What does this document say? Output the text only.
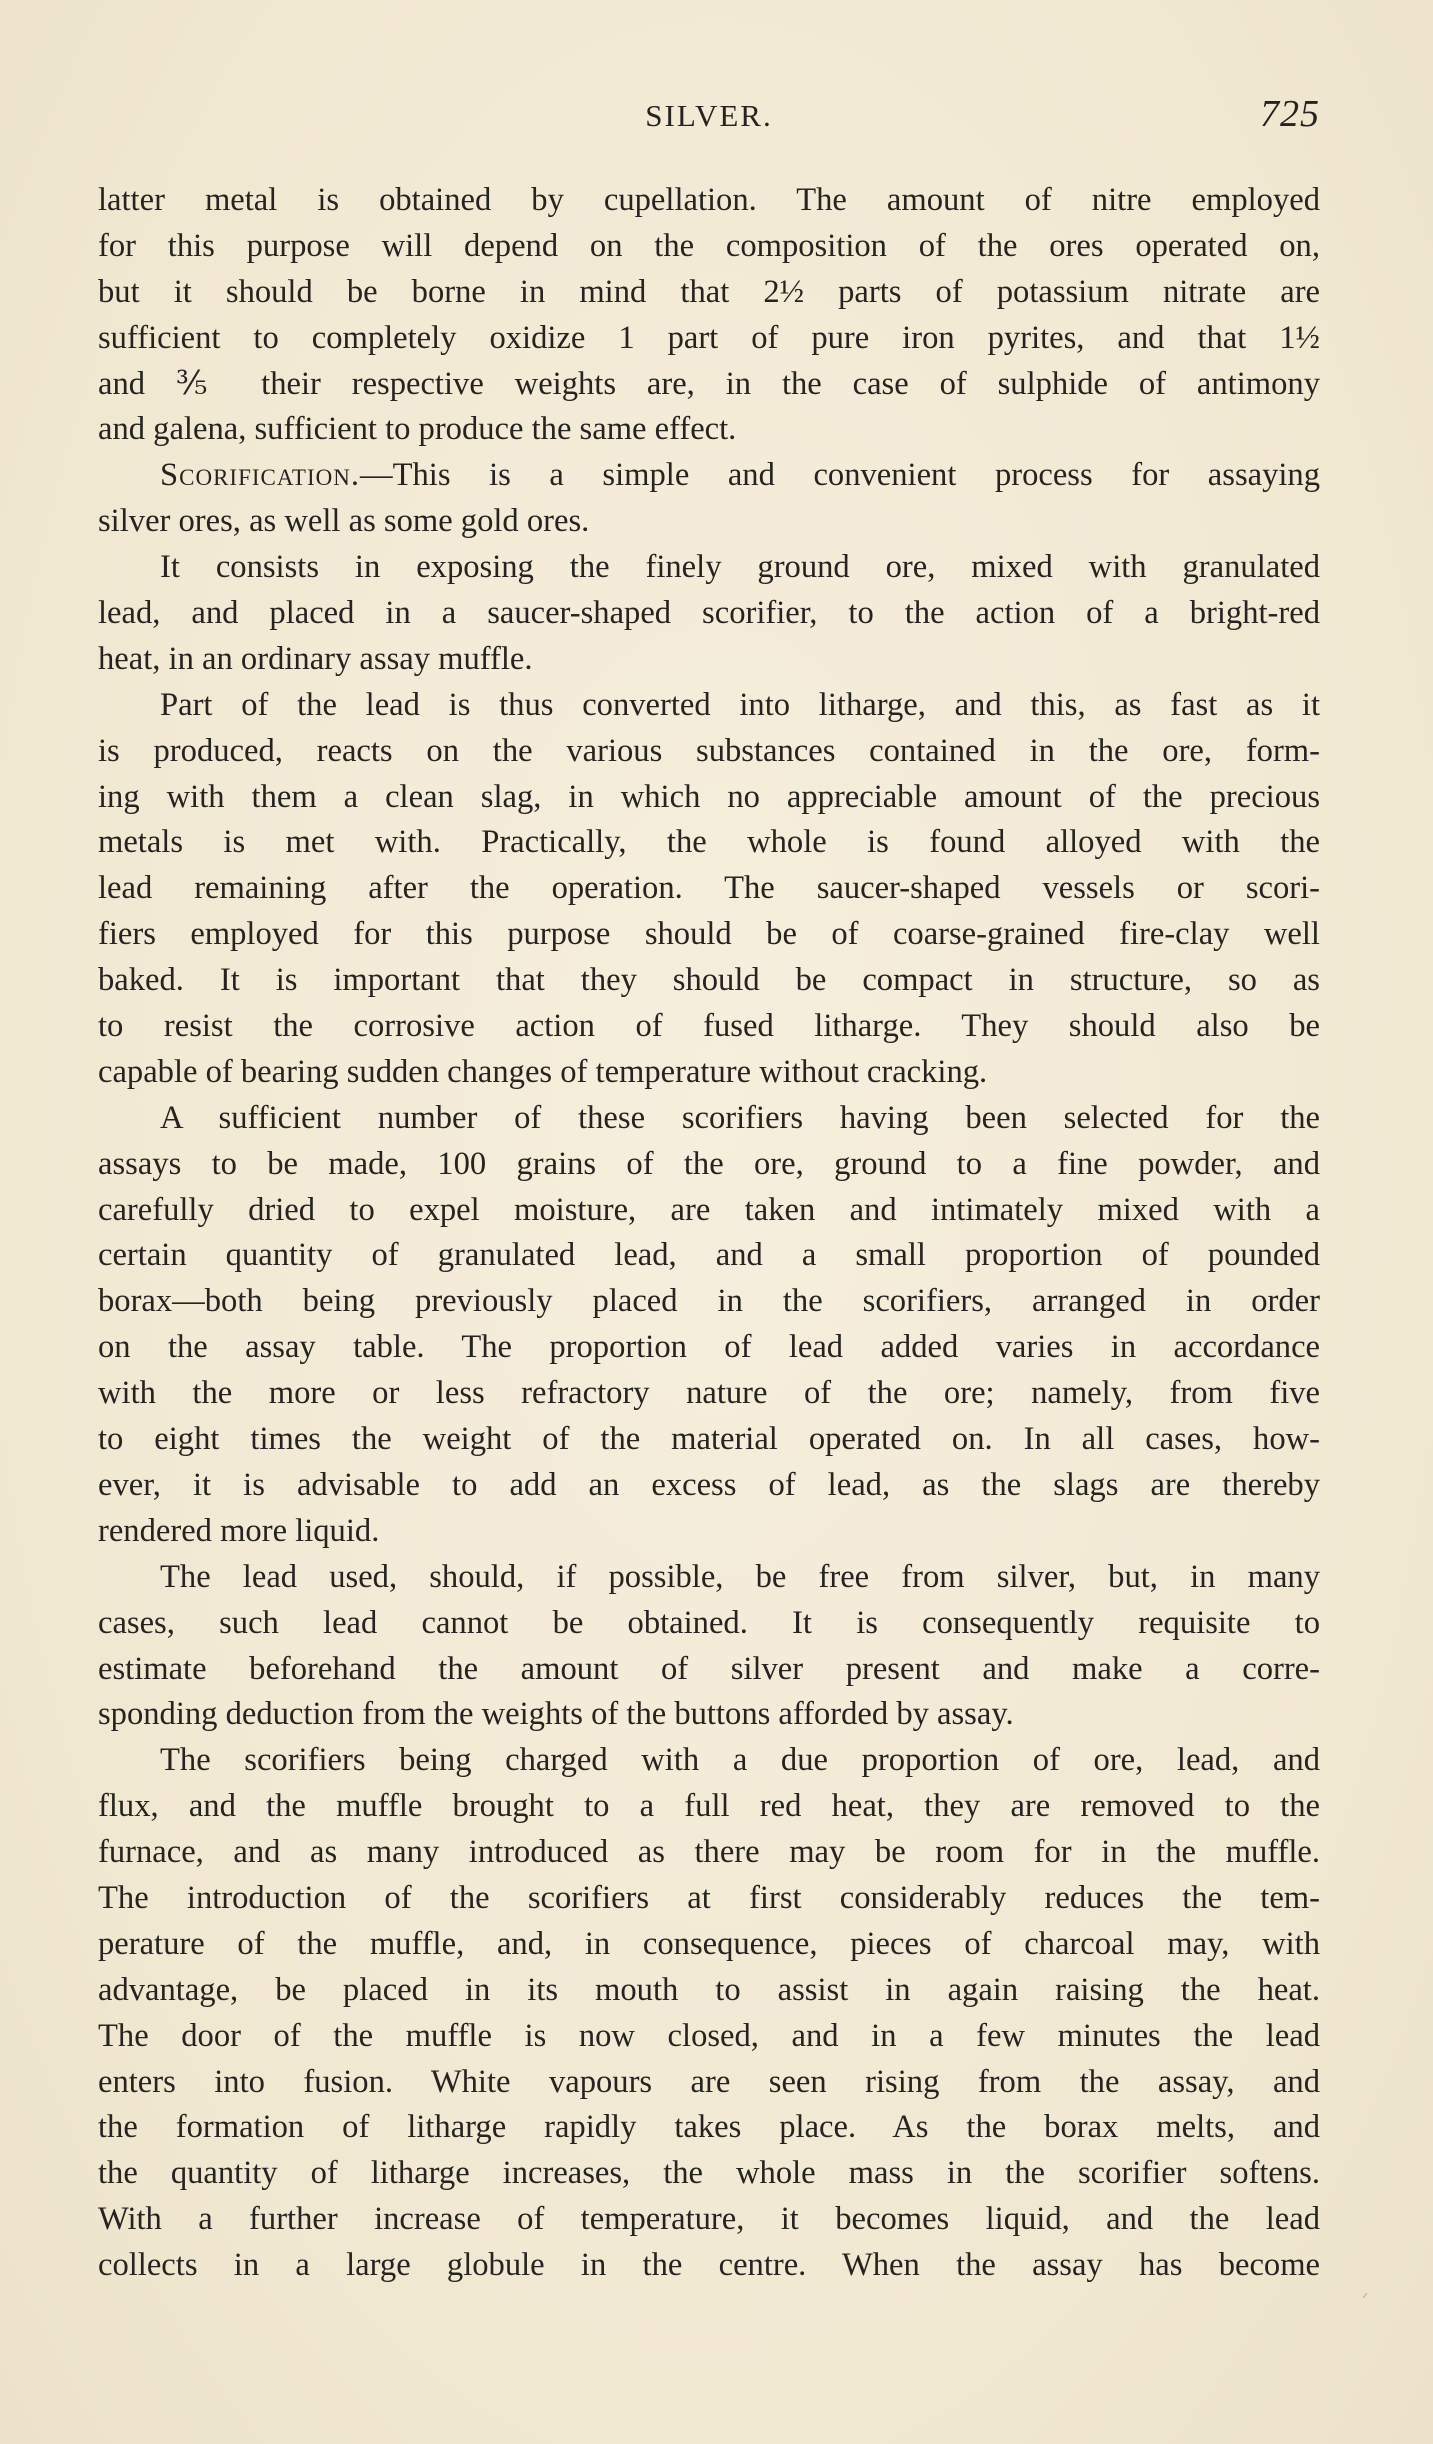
SILVER.	725
latter metal is obtained by cupellation. The amount of nitre employed
for this purpose will depend on the composition of the ores operated on,
but it should be borne in mind that 2½ parts of potassium nitrate are
sufficient to completely oxidize 1 part of pure iron pyrites, and that 1½
and ⅗ their respective weights are, in the case of sulphide of antimony
and galena, sufficient to produce the same effect.
Scorification.—This is a simple and convenient process for assaying
silver ores, as well as some gold ores.
It consists in exposing the finely ground ore, mixed with granulated
lead, and placed in a saucer-shaped scorifier, to the action of a bright-red
heat, in an ordinary assay muffle.
Part of the lead is thus converted into litharge, and this, as fast as it
is produced, reacts on the various substances contained in the ore, form-
ing with them a clean slag, in which no appreciable amount of the precious
metals is met with. Practically, the whole is found alloyed with the
lead remaining after the operation. The saucer-shaped vessels or scori-
fiers employed for this purpose should be of coarse-grained fire-clay well
baked. It is important that they should be compact in structure, so as
to resist the corrosive action of fused litharge. They should also be
capable of bearing sudden changes of temperature without cracking.
A sufficient number of these scorifiers having been selected for the
assays to be made, 100 grains of the ore, ground to a fine powder, and
carefully dried to expel moisture, are taken and intimately mixed with a
certain quantity of granulated lead, and a small proportion of pounded
borax—both being previously placed in the scorifiers, arranged in order
on the assay table. The proportion of lead added varies in accordance
with the more or less refractory nature of the ore; namely, from five
to eight times the weight of the material operated on. In all cases, how-
ever, it is advisable to add an excess of lead, as the slags are thereby
rendered more liquid.
The lead used, should, if possible, be free from silver, but, in many
cases, such lead cannot be obtained. It is consequently requisite to
estimate beforehand the amount of silver present and make a corre-
sponding deduction from the weights of the buttons afforded by assay.
The scorifiers being charged with a due proportion of ore, lead, and
flux, and the muffle brought to a full red heat, they are removed to the
furnace, and as many introduced as there may be room for in the muffle.
The introduction of the scorifiers at first considerably reduces the tem-
perature of the muffle, and, in consequence, pieces of charcoal may, with
advantage, be placed in its mouth to assist in again raising the heat.
The door of the muffle is now closed, and in a few minutes the lead
enters into fusion. White vapours are seen rising from the assay, and
the formation of litharge rapidly takes place. As the borax melts, and
the quantity of litharge increases, the whole mass in the scorifier softens.
With a further increase of temperature, it becomes liquid, and the lead
collects in a large globule in the centre. When the assay has become
